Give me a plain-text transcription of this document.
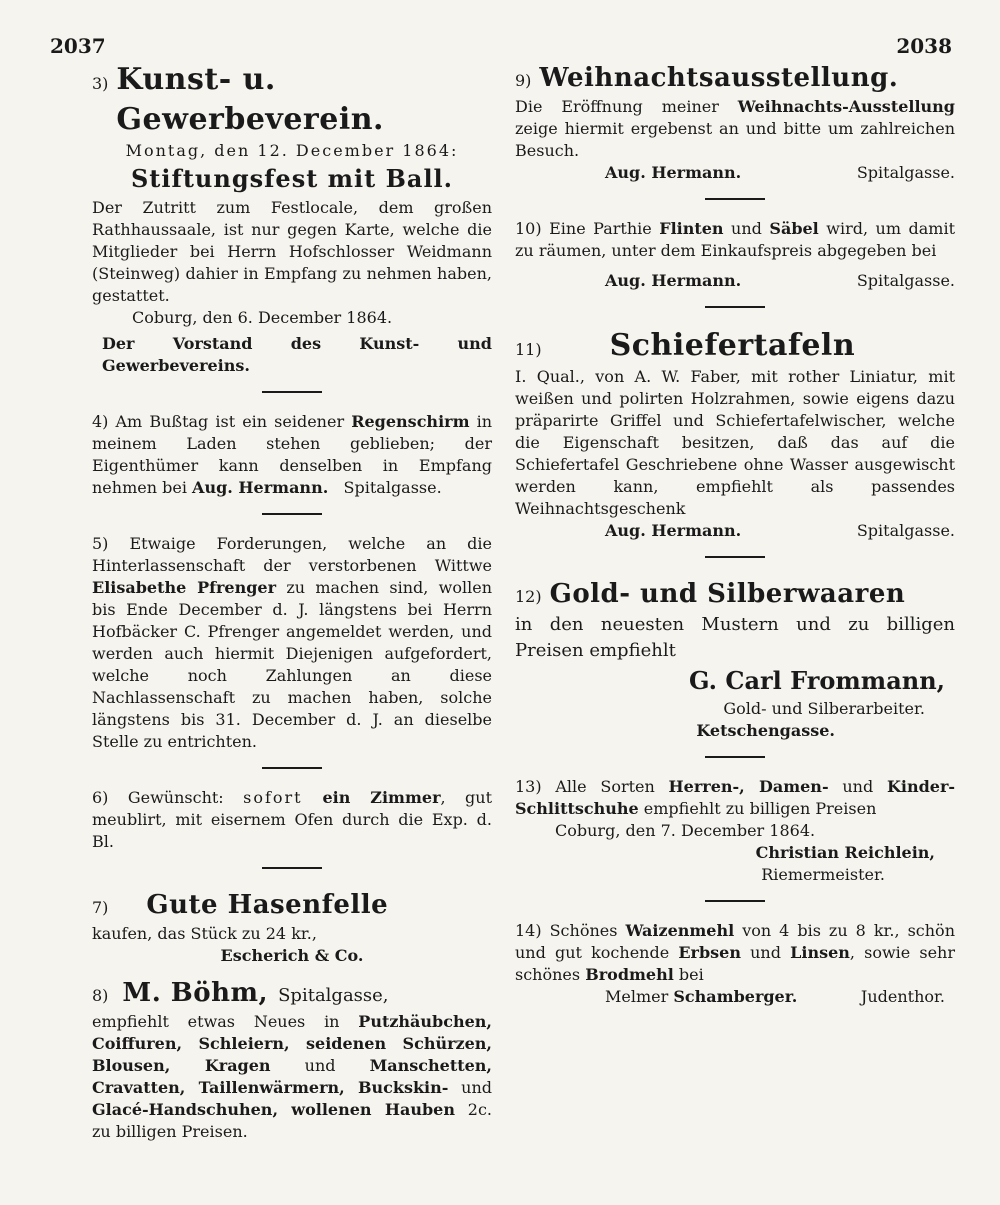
2037	2038
3) Kunst- u. Gewerbeverein.

Montag, den 12. December 1864:

Stiftungsfest mit Ball.

Der Zutritt zum Festlocale, dem großen Rathhaussaale, ist nur gegen Karte, welche die Mitglieder bei Herrn Hofschlosser Weidmann (Steinweg) dahier in Empfang zu nehmen haben, gestattet.

Coburg, den 6. December 1864.

Der Vorstand des Kunst- und Gewerbevereins.

4) Am Bußtag ist ein seidener Regenschirm in meinem Laden stehen geblieben; der Eigenthümer kann denselben in Empfang nehmen bei Aug. Hermann. Spitalgasse.

5) Etwaige Forderungen, welche an die Hinterlassenschaft der verstorbenen Wittwe Elisabethe Pfrenger zu machen sind, wollen bis Ende December d. J. längstens bei Herrn Hofbäcker C. Pfrenger angemeldet werden, und werden auch hiermit Diejenigen aufgefordert, welche noch Zahlungen an diese Nachlassenschaft zu machen haben, solche längstens bis 31. December d. J. an dieselbe Stelle zu entrichten.

6) Gewünscht: sofort ein Zimmer, gut meublirt, mit eisernem Ofen durch die Exp. d. Bl.

7) Gute Hasenfelle

kaufen, das Stück zu 24 kr.,

Escherich & Co.

8) M. Böhm, Spitalgasse,

empfiehlt etwas Neues in Putzhäubchen, Coiffuren, Schleiern, seidenen Schürzen, Blousen, Kragen und Manschetten, Cravatten, Taillenwärmern, Buckskin- und Glacé-Handschuhen, wollenen Hauben 2c. zu billigen Preisen.

9) Weihnachtsausstellung.

Die Eröffnung meiner Weihnachts-Ausstellung zeige hiermit ergebenst an und bitte um zahlreichen Besuch.

Aug. Hermann.	Spitalgasse.

10) Eine Parthie Flinten und Säbel wird, um damit zu räumen, unter dem Einkaufspreis abgegeben bei

Aug. Hermann.	Spitalgasse.
11) Schiefertafeln

I. Qual., von A. W. Faber, mit rother Liniatur, mit weißen und polirten Holzrahmen, sowie eigens dazu präparirte Griffel und Schiefertafelwischer, welche die Eigenschaft besitzen, daß das auf die Schiefertafel Geschriebene ohne Wasser ausgewischt werden kann, empfiehlt als passendes Weihnachtsgeschenk

Aug. Hermann.	Spitalgasse.
12) Gold- und Silberwaaren

in den neuesten Mustern und zu billigen Preisen empfiehlt

G. Carl Frommann,

Gold- und Silberarbeiter.

Ketschengasse.

13) Alle Sorten Herren-, Damen- und Kinder-Schlittschuhe empfiehlt zu billigen Preisen

Coburg, den 7. December 1864.

Christian Reichlein,

Riemermeister.

14) Schönes Waizenmehl von 4 bis zu 8 kr., schön und gut kochende Erbsen und Linsen, sowie sehr schönes Brodmehl bei

Melmer Schamberger.	Judenthor.
